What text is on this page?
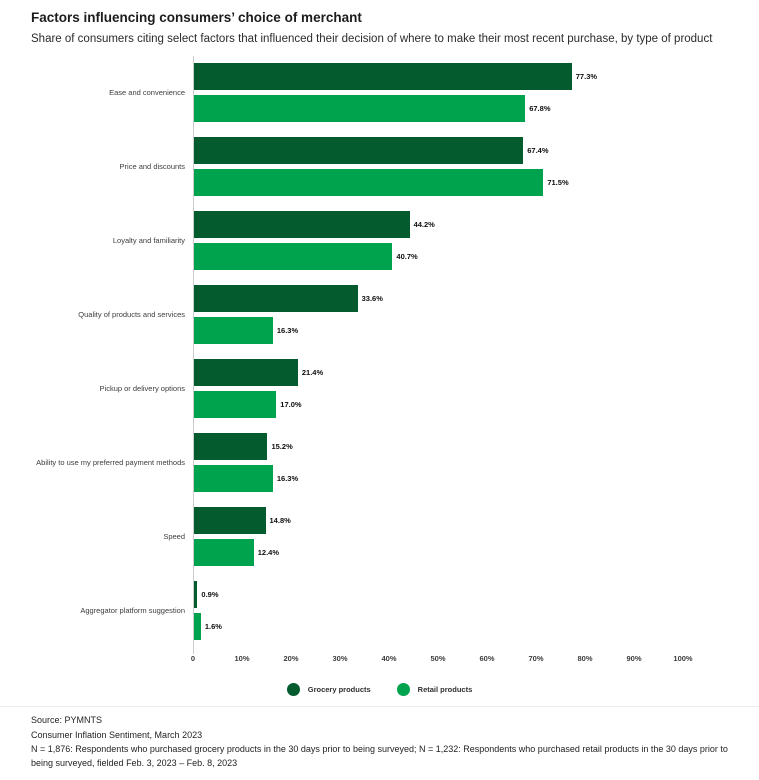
Factors influencing consumers’ choice of merchant
Share of consumers citing select factors that influenced their decision of where to make their most recent purchase, by type of product
Ease and convenience
77.3%
67.8%
Price and discounts
67.4%
71.5%
Loyalty and familiarity
44.2%
40.7%
Quality of products and services
33.6%
16.3%
Pickup or delivery options
21.4%
17.0%
Ability to use my preferred payment methods
15.2%
16.3%
Speed
14.8%
12.4%
Aggregator platform suggestion
0.9%
1.6%
0	10%	20%	30%	40%	50%	60%	70%	80%	90%	100%
Grocery products	Retail products
Source: PYMNTS
Consumer Inflation Sentiment, March 2023
N = 1,876: Respondents who purchased grocery products in the 30 days prior to being surveyed; N = 1,232: Respondents who purchased retail products in the 30 days prior to being surveyed, fielded Feb. 3, 2023 – Feb. 8, 2023
